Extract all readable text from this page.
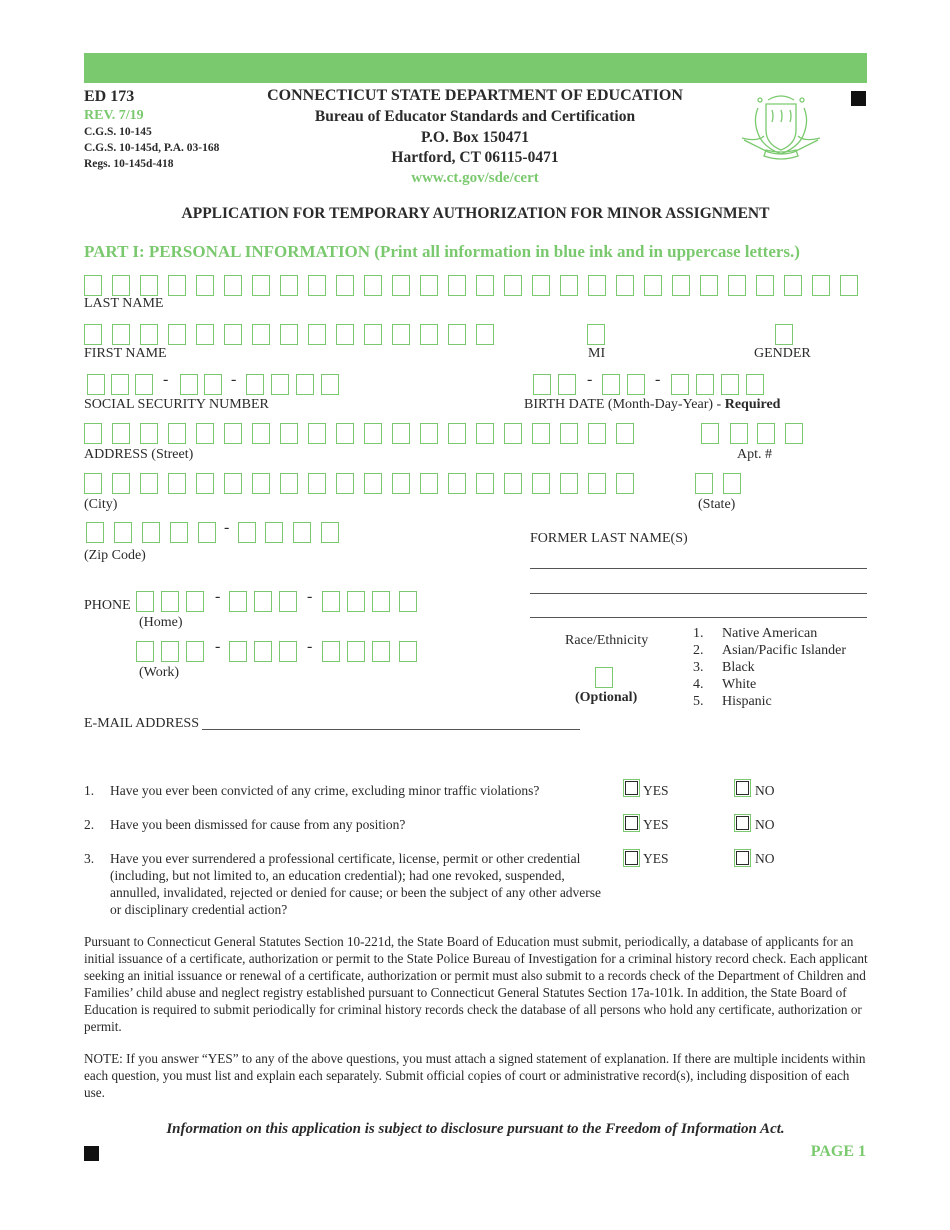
ED 173
REV. 7/19
C.G.S. 10-145
C.G.S. 10-145d, P.A. 03-168
Regs. 10-145d-418
CONNECTICUT STATE DEPARTMENT OF EDUCATION
Bureau of Educator Standards and Certification
P.O. Box 150471
Hartford, CT 06115-0471
www.ct.gov/sde/cert
APPLICATION FOR TEMPORARY AUTHORIZATION FOR MINOR ASSIGNMENT
PART I: PERSONAL INFORMATION (Print all information in blue ink and in uppercase letters.)
LAST NAME
FIRST NAME	MI	GENDER
-	-
SOCIAL SECURITY NUMBER
-	-
BIRTH DATE (Month-Day-Year) - Required
ADDRESS (Street)	Apt. #
(City)	(State)
-
(Zip Code)
FORMER LAST NAME(S)
PHONE
-	-
(Home)
-	-
(Work)
Race/Ethnicity
(Optional)
1. Native American
2. Asian/Pacific Islander
3. Black
4. White
5. Hispanic
E-MAIL ADDRESS
1. Have you ever been convicted of any crime, excluding minor traffic violations?	YES	NO
2. Have you been dismissed for cause from any position?	YES	NO
3. Have you ever surrendered a professional certificate, license, permit or other credential (including, but not limited to, an education credential); had one revoked, suspended, annulled, invalidated, rejected or denied for cause; or been the subject of any other adverse or disciplinary credential action?
YES	NO
Pursuant to Connecticut General Statutes Section 10-221d, the State Board of Education must submit, periodically, a database of applicants for an initial issuance of a certificate, authorization or permit to the State Police Bureau of Investigation for a criminal history record check. Each applicant seeking an initial issuance or renewal of a certificate, authorization or permit must also submit to a records check of the Department of Children and Families’ child abuse and neglect registry established pursuant to Connecticut General Statutes Section 17a-101k. In addition, the State Board of Education is required to submit periodically for criminal history records check the database of all persons who hold any certificate, authorization or permit.
NOTE: If you answer “YES” to any of the above questions, you must attach a signed statement of explanation. If there are multiple incidents within each question, you must list and explain each separately. Submit official copies of court or administrative record(s), including disposition of each use.
Information on this application is subject to disclosure pursuant to the Freedom of Information Act.
PAGE 1
